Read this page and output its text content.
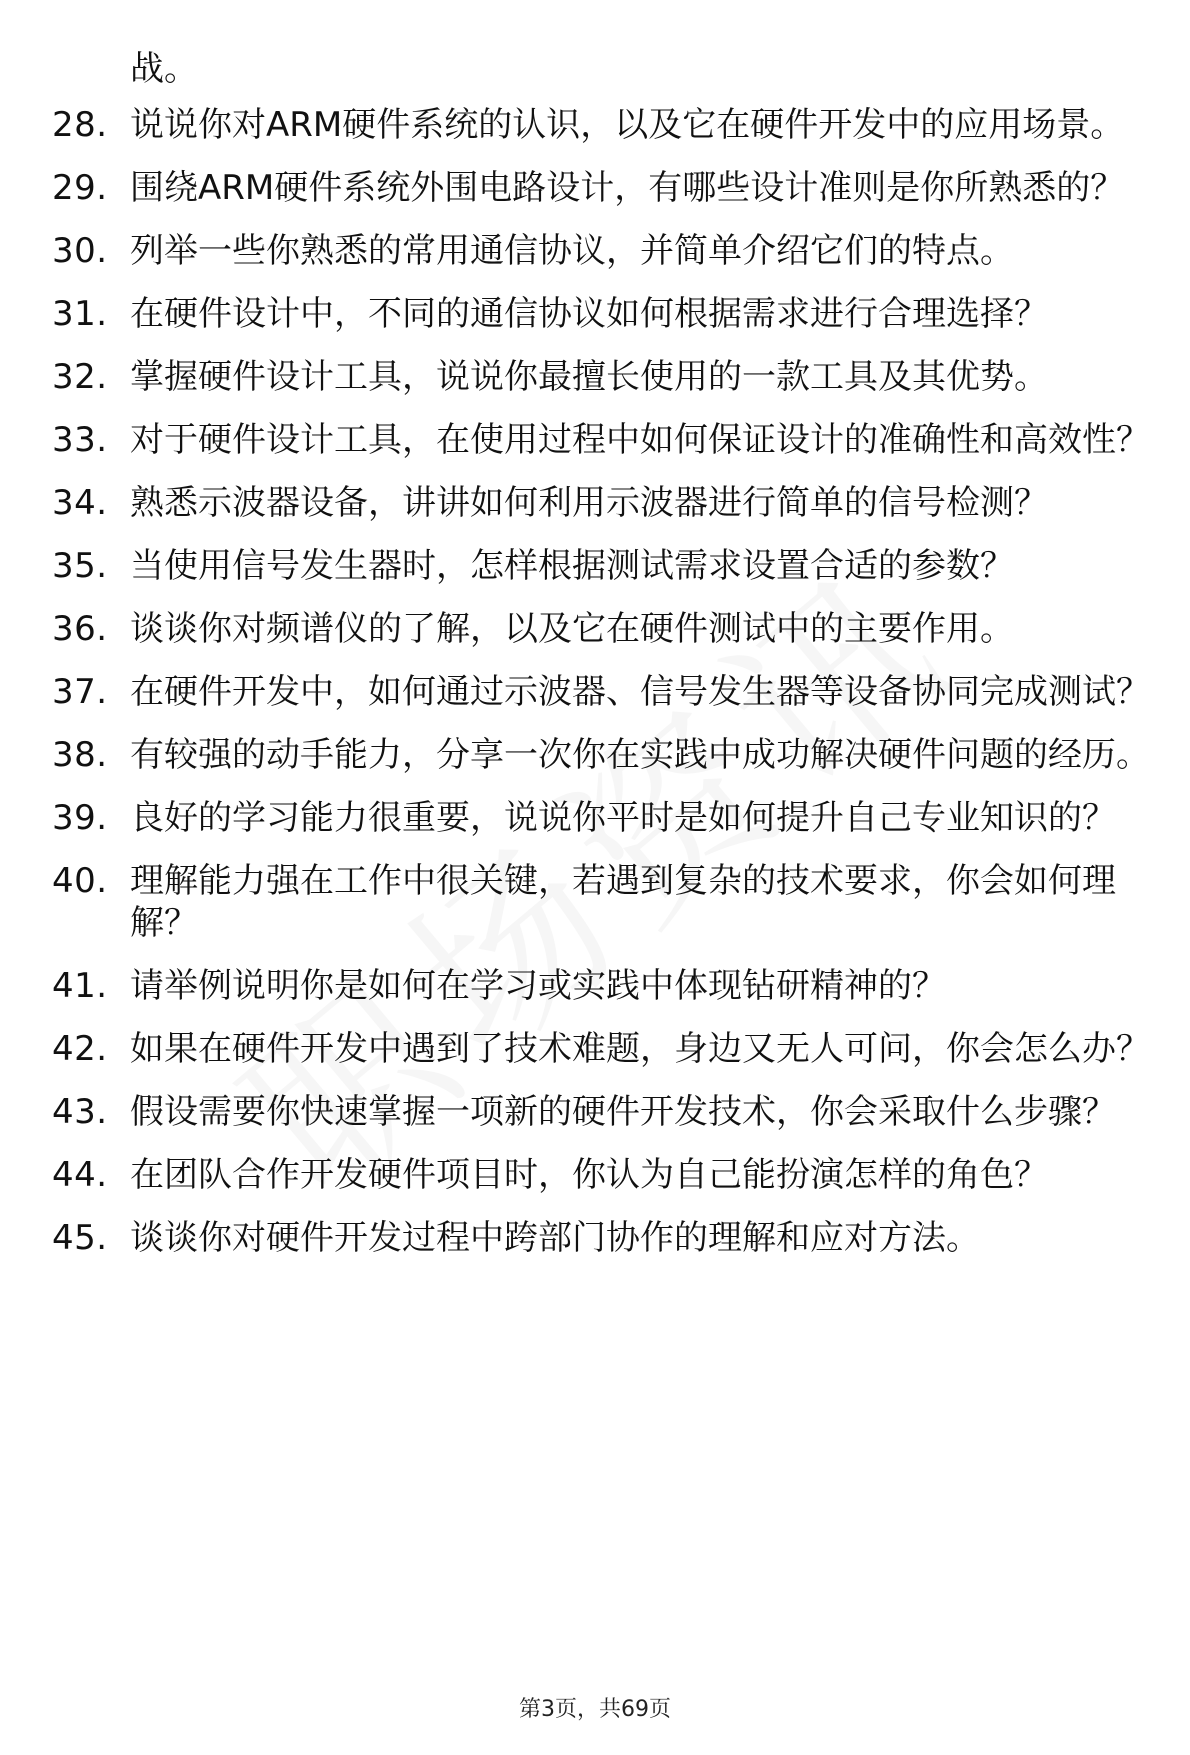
战。
28. 说说你对ARM硬件系统的认识，以及它在硬件开发中的应用场景。
29. 围绕ARM硬件系统外围电路设计，有哪些设计准则是你所熟悉的？
30. 列举一些你熟悉的常用通信协议，并简单介绍它们的特点。
31. 在硬件设计中，不同的通信协议如何根据需求进行合理选择？
32. 掌握硬件设计工具，说说你最擅长使用的一款工具及其优势。
33. 对于硬件设计工具，在使用过程中如何保证设计的准确性和高效性？
34. 熟悉示波器设备，讲讲如何利用示波器进行简单的信号检测？
35. 当使用信号发生器时，怎样根据测试需求设置合适的参数？
36. 谈谈你对频谱仪的了解，以及它在硬件测试中的主要作用。
37. 在硬件开发中，如何通过示波器、信号发生器等设备协同完成测试？
38. 有较强的动手能力，分享一次你在实践中成功解决硬件问题的经历。
39. 良好的学习能力很重要，说说你平时是如何提升自己专业知识的？
40. 理解能力强在工作中很关键，若遇到复杂的技术要求，你会如何理解？
41. 请举例说明你是如何在学习或实践中体现钻研精神的？
42. 如果在硬件开发中遇到了技术难题，身边又无人可问，你会怎么办？
43. 假设需要你快速掌握一项新的硬件开发技术，你会采取什么步骤？
44. 在团队合作开发硬件项目时，你认为自己能扮演怎样的角色？
45. 谈谈你对硬件开发过程中跨部门协作的理解和应对方法。
第3页，共69页
